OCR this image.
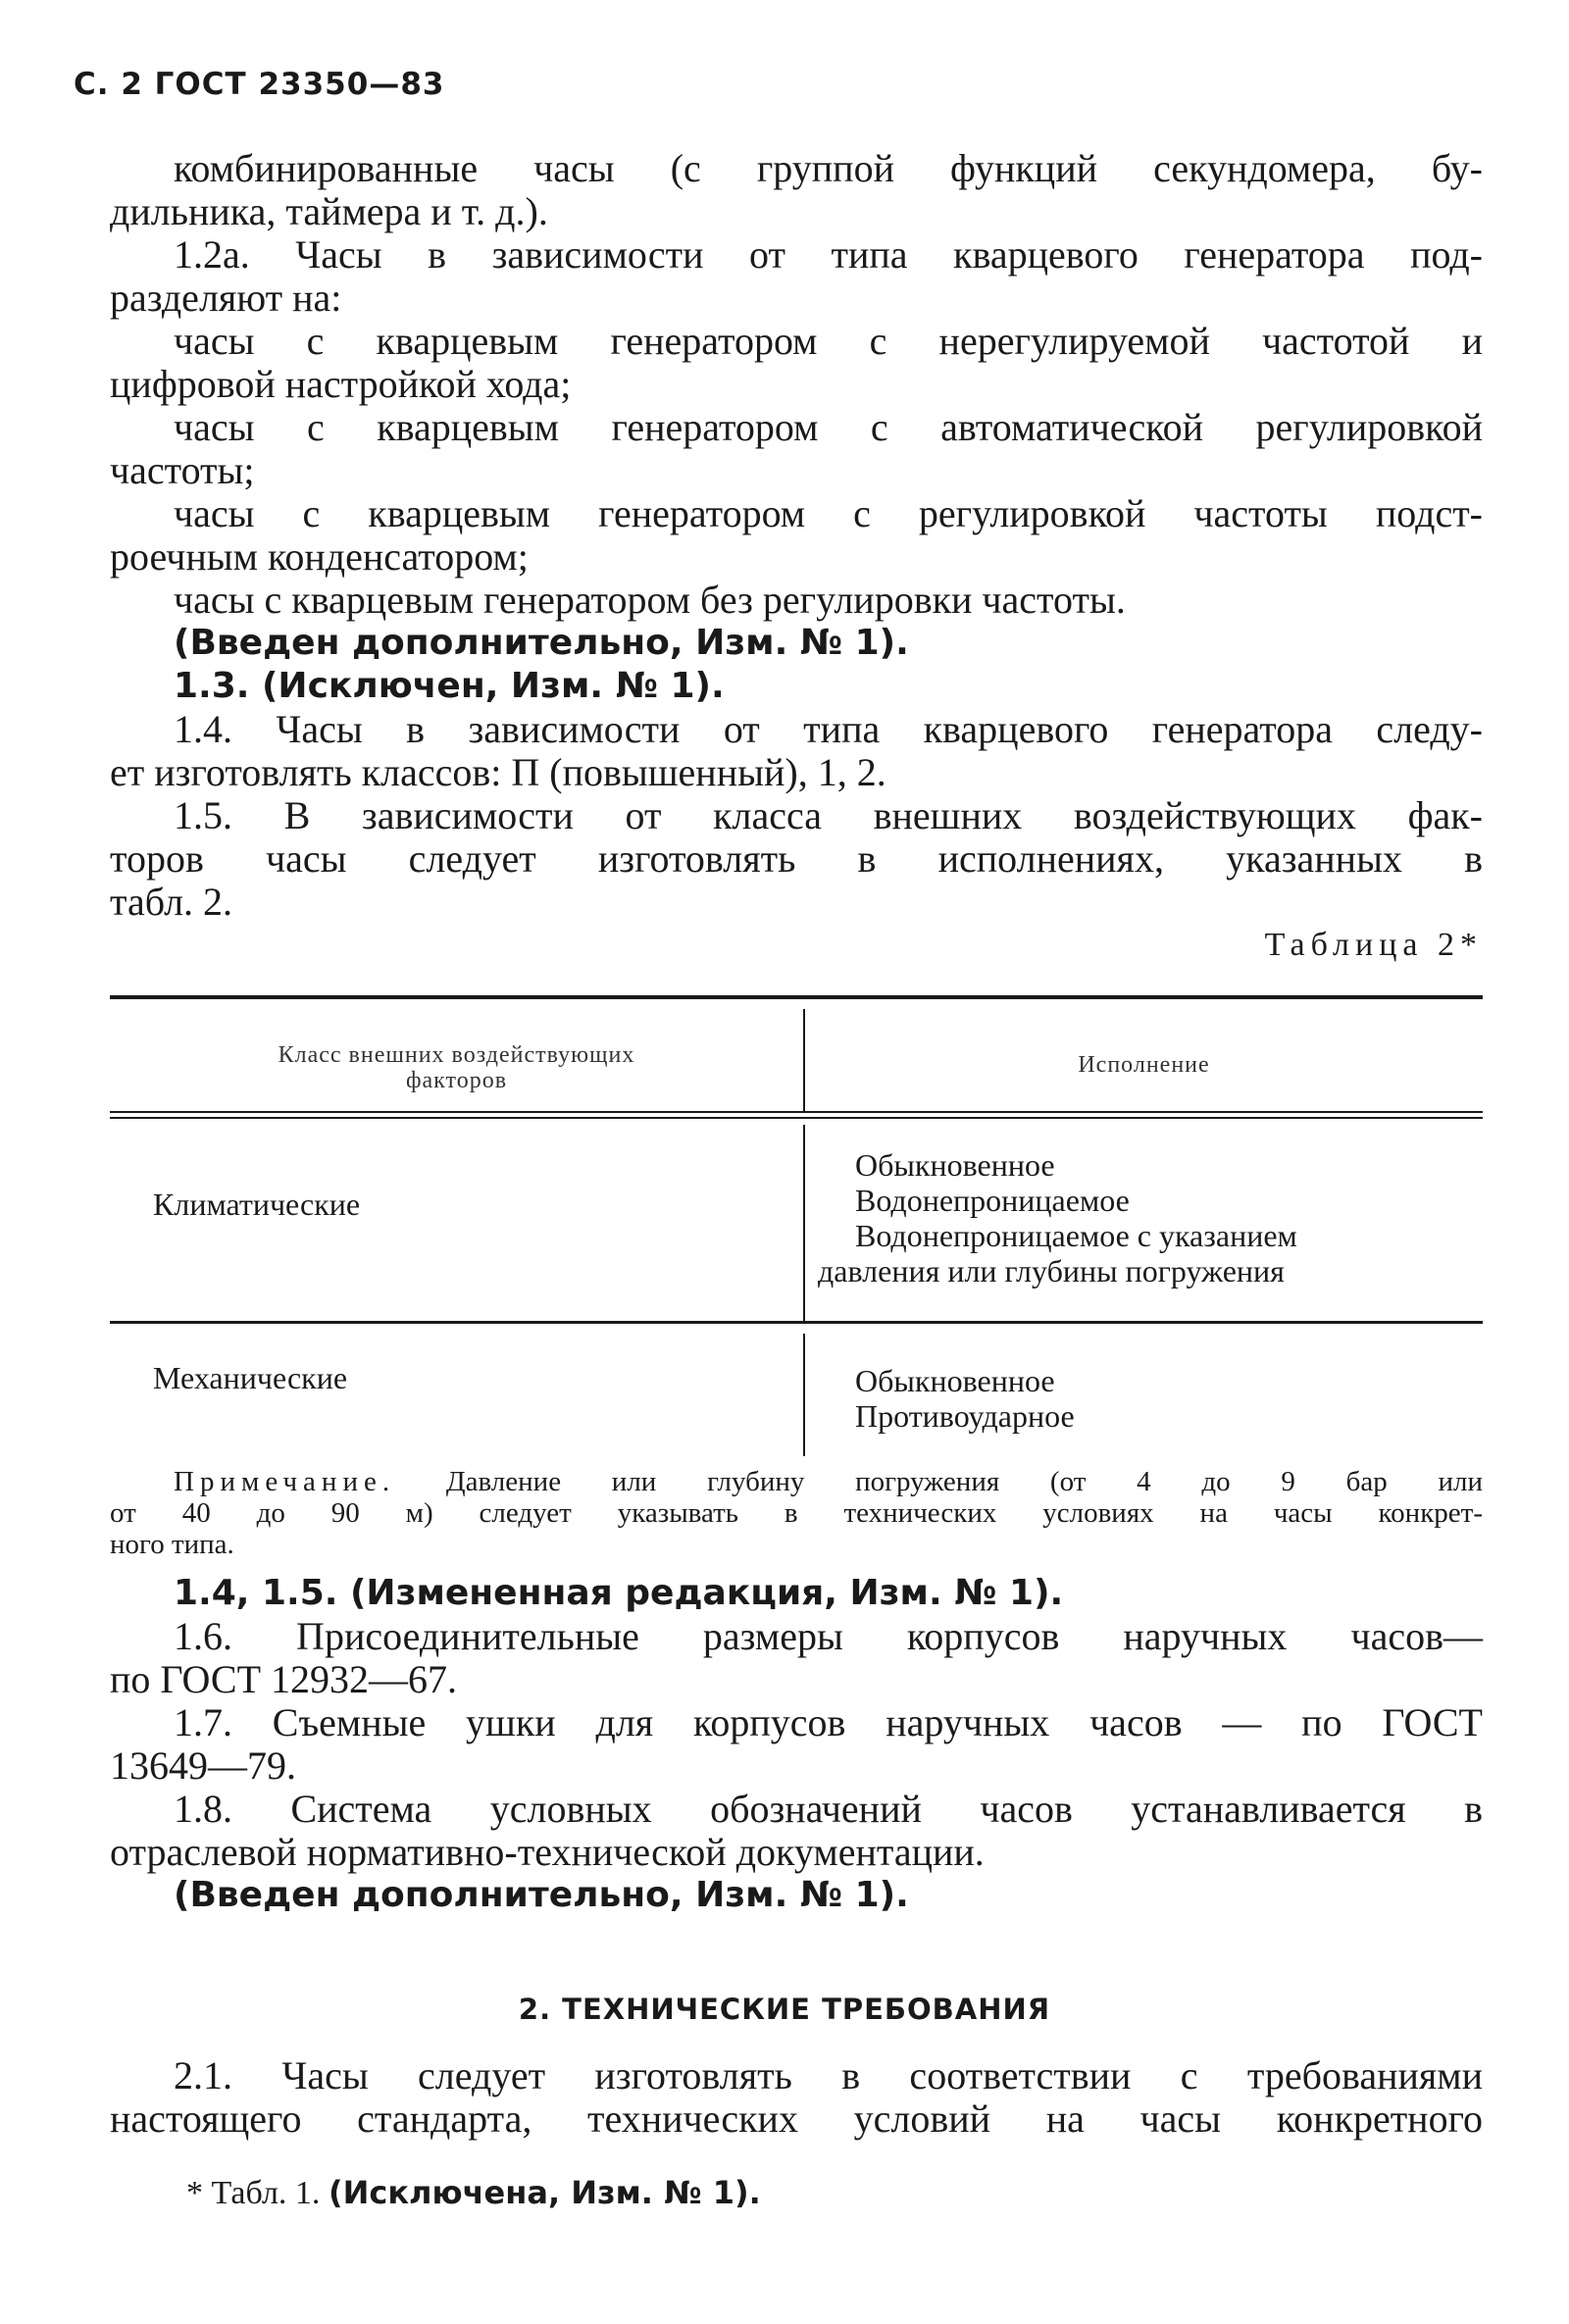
С. 2 ГОСТ 23350—83
комбинированные часы (с группой функций секундомера, бу-
дильника, таймера и т. д.).
1.2а. Часы в зависимости от типа кварцевого генератора под-
разделяют на:
часы с кварцевым генератором с нерегулируемой частотой и
цифровой настройкой хода;
часы с кварцевым генератором с автоматической регулировкой
частоты;
часы с кварцевым генератором с регулировкой частоты подст-
роечным конденсатором;
часы с кварцевым генератором без регулировки частоты.
(Введен дополнительно, Изм. № 1).
1.3. (Исключен, Изм. № 1).
1.4. Часы в зависимости от типа кварцевого генератора следу-
ет изготовлять классов: П (повышенный), 1, 2.
1.5. В зависимости от класса внешних воздействующих фак-
торов часы следует изготовлять в исполнениях, указанных в
табл. 2.
Таблица 2*
Класс внешних воздействующих
факторов
Исполнение
Климатические
Обыкновенное
Водонепроницаемое
Водонепроницаемое с указанием
давления или глубины погружения
Механические	Обыкновенное
Противоударное
Примечание. Давление или глубину погружения (от 4 до 9 бар или
от 40 до 90 м) следует указывать в технических условиях на часы конкрет-
ного типа.
1.4, 1.5. (Измененная редакция, Изм. № 1).
1.6. Присоединительные размеры корпусов наручных часов—
по ГОСТ 12932—67.
1.7. Съемные ушки для корпусов наручных часов — по ГОСТ
13649—79.
1.8. Система условных обозначений часов устанавливается в
отраслевой нормативно-технической документации.
(Введен дополнительно, Изм. № 1).
2. ТЕХНИЧЕСКИЕ ТРЕБОВАНИЯ
2.1. Часы следует изготовлять в соответствии с требованиями
настоящего стандарта, технических условий на часы конкретного
* Табл. 1. (Исключена, Изм. № 1).
